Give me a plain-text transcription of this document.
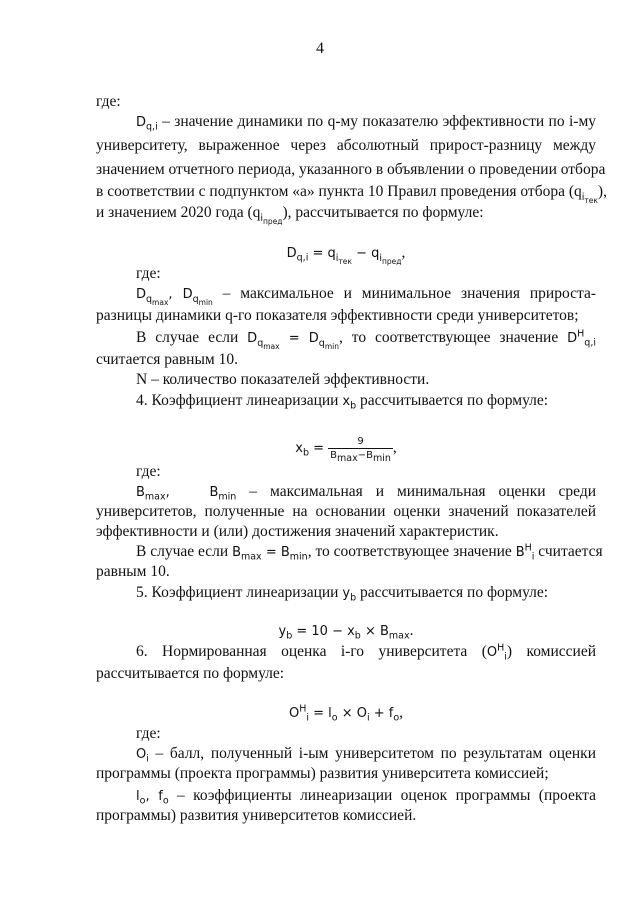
4
где:
$D_{q,i}$ – значение динамики по q-му показателю эффективности по i-му
университету, выраженное через абсолютный прирост-разницу между
значением отчетного периода, указанного в объявлении о проведении отбора
в соответствии с подпунктом «а» пункта 10 Правил проведения отбора $(q_{i_{тек}})$,
и значением 2020 года $(q_{i_{пред}})$, рассчитывается по формуле:
$D_{q,i} = q_{i_{тек}} - q_{i_{пред}}$,
где:
$D_{q_{max}}$, $D_{q_{min}}$ – максимальное и минимальное значения прироста-
разницы динамики q-го показателя эффективности среди университетов;
В случае если $D_{q_{max}} = D_{q_{min}}$, то соответствующее значение $D^H_{q,i}$
считается равным 10.
N – количество показателей эффективности.
4. Коэффициент линеаризации $x_b$ рассчитывается по формуле:
$x_b = \frac{9}{B_{max}-B_{min}}$ ,
где:
$B_{max}$,   $B_{min}$ – максимальная и минимальная оценки среди
университетов, полученные на основании оценки значений показателей
эффективности и (или) достижения значений характеристик.
В случае если $B_{max} = B_{min}$, то соответствующее значение $B^H_i$ считается
равным 10.
5. Коэффициент линеаризации $y_b$ рассчитывается по формуле:
$y_b = 10 - x_b \times B_{max}$.
6. Нормированная оценка i-го университета $(O^H_i)$ комиссией
рассчитывается по формуле:
$O^H_i = l_o \times O_i + f_o$,
где:
$O_i$ – балл, полученный i-ым университетом по результатам оценки
программы (проекта программы) развития университета комиссией;
$l_o$, $f_o$ – коэффициенты линеаризации оценок программы (проекта
программы) развития университетов комиссией.
